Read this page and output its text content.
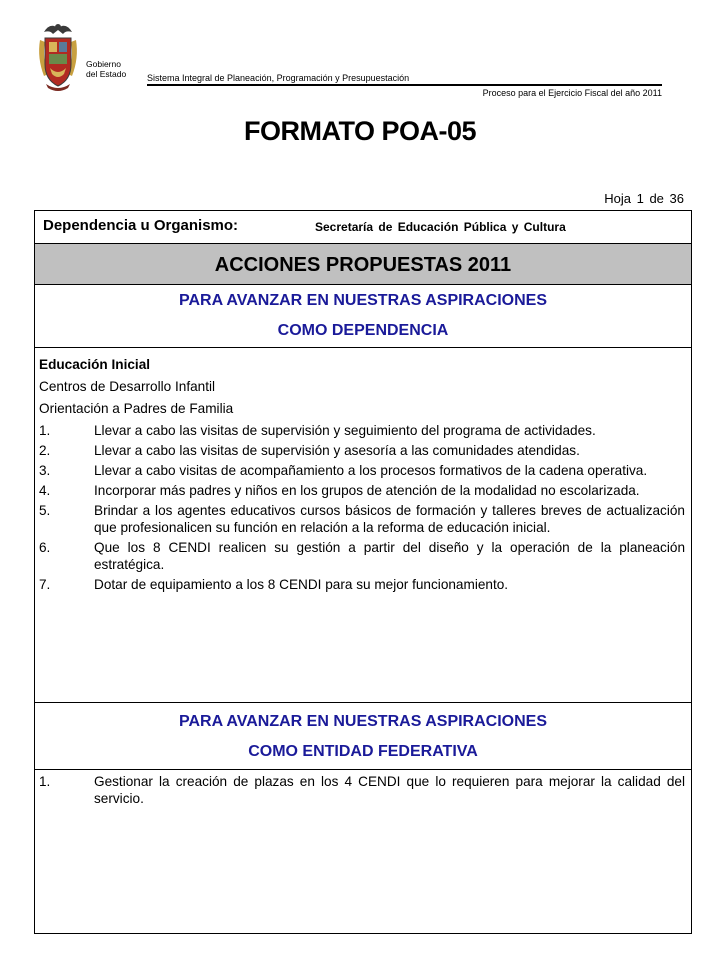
Gobierno
del Estado Sistema Integral de Planeación, Programación y Presupuestación
Proceso para el Ejercicio Fiscal del año 2011
FORMATO POA-05
Hoja 1 de 36
Dependencia u Organismo:	Secretaría de Educación Pública y Cultura
ACCIONES PROPUESTAS 2011
PARA AVANZAR EN NUESTRAS ASPIRACIONES
COMO DEPENDENCIA

Educación Inicial

Centros de Desarrollo Infantil

Orientación a Padres de Familia

1.	Llevar a cabo las visitas de supervisión y seguimiento del programa de actividades.
2.	Llevar a cabo las visitas de supervisión y asesoría a las comunidades atendidas.
3.	Llevar a cabo visitas de acompañamiento a los procesos formativos de la cadena operativa.
4.	Incorporar más padres y niños en los grupos de atención de la modalidad no escolarizada.
5.	Brindar a los agentes educativos cursos básicos de formación y talleres breves de actualización que profesionalicen su función en relación a la reforma de educación inicial.
6.	Que los 8 CENDI realicen su gestión a partir del diseño y la operación de la planeación estratégica.
7.	Dotar de equipamiento a los 8 CENDI para su mejor funcionamiento.
PARA AVANZAR EN NUESTRAS ASPIRACIONES
COMO ENTIDAD FEDERATIVA
1.	Gestionar la creación de plazas en los 4 CENDI que lo requieren para mejorar la calidad del servicio.
